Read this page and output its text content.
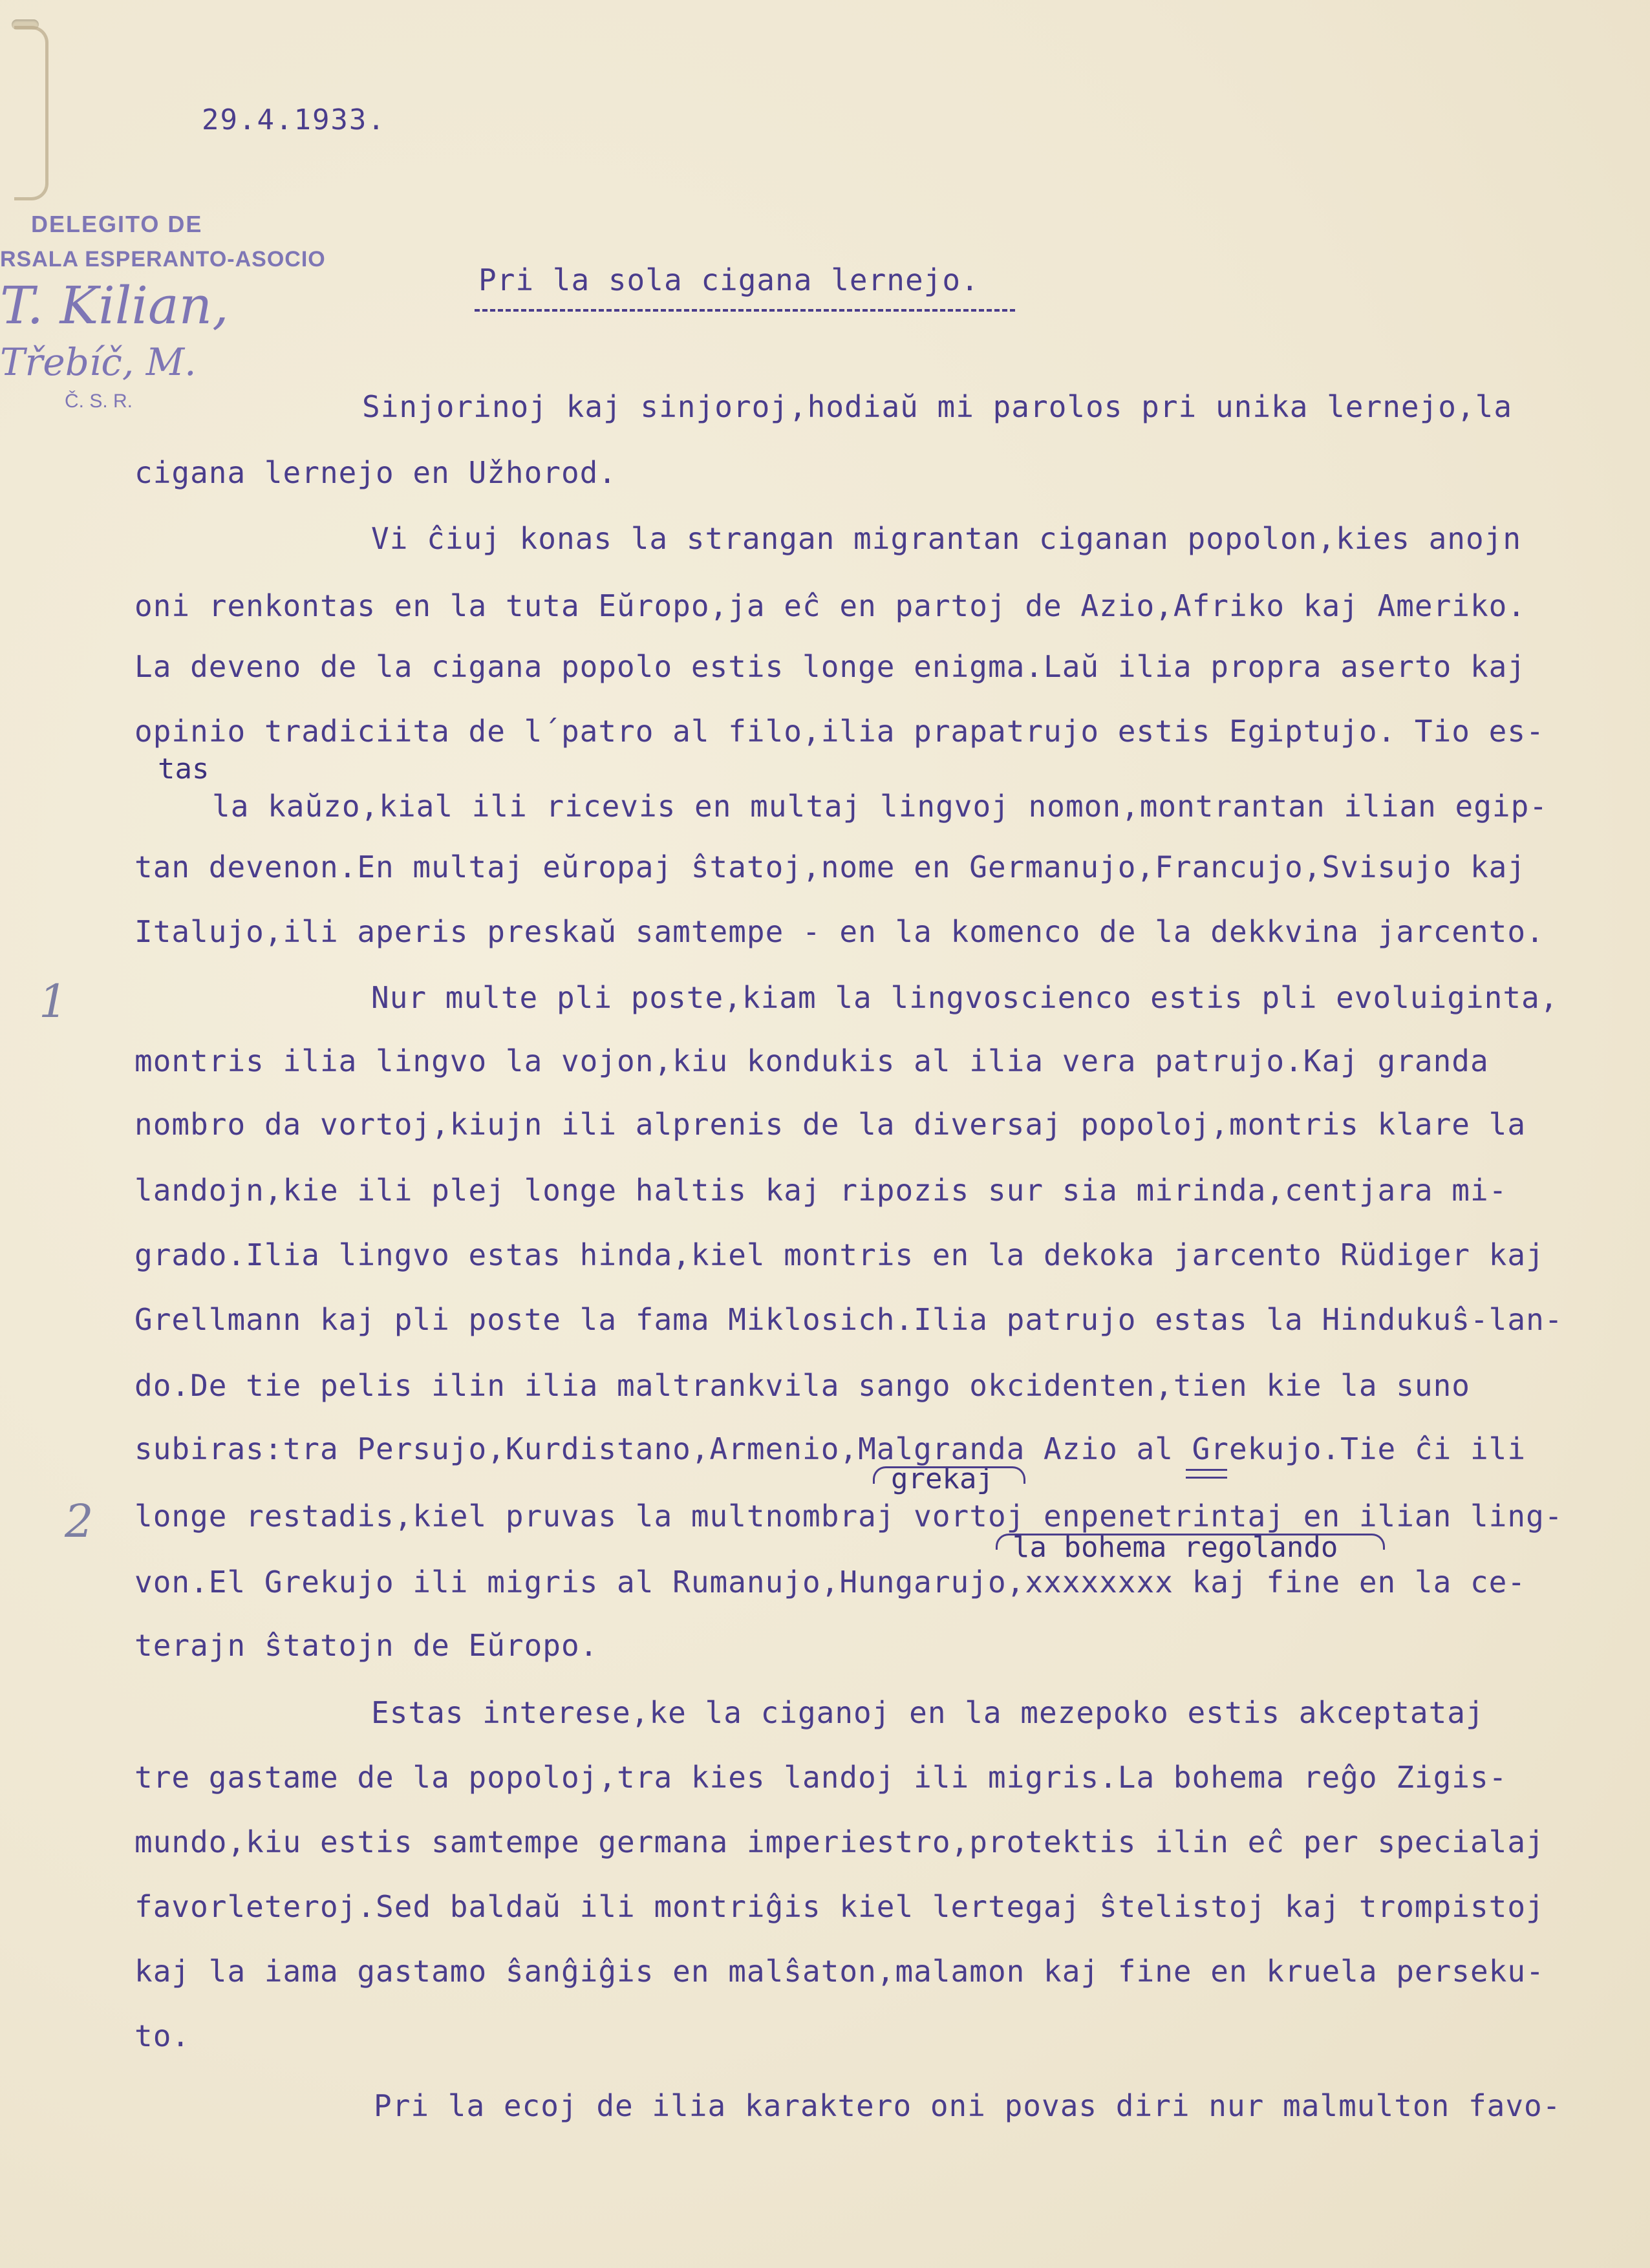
29.4.1933.
DELEGITO DE
RSALA ESPERANTO-ASOCIO
T. Kilian,
Třebíč, M.
Č. S. R.
Pri la sola cigana lernejo.
Sinjorinoj kaj sinjoroj,hodiaŭ mi parolos pri unika lernejo,la
cigana lernejo en Užhorod.
Vi ĉiuj konas la strangan migrantan ciganan popolon,kies anojn
oni renkontas en la tuta Eŭropo,ja eĉ en partoj de Azio,Afriko kaj Ameriko.
La deveno de la cigana popolo estis longe enigma.Laŭ ilia propra aserto kaj
opinio tradiciita de l´patro al filo,ilia prapatrujo estis Egiptujo. Tio es-
tas
la kaŭzo,kial ili ricevis en multaj lingvoj nomon,montrantan ilian egip-
tan devenon.En multaj eŭropaj ŝtatoj,nome en Germanujo,Francujo,Svisujo kaj
Italujo,ili aperis preskaŭ samtempe - en la komenco de la dekkvina jarcento.
1	Nur multe pli poste,kiam la lingvoscienco estis pli evoluiginta,
montris ilia lingvo la vojon,kiu kondukis al ilia vera patrujo.Kaj granda
nombro da vortoj,kiujn ili alprenis de la diversaj popoloj,montris klare la
landojn,kie ili plej longe haltis kaj ripozis sur sia mirinda,centjara mi-
grado.Ilia lingvo estas hinda,kiel montris en la dekoka jarcento Rüdiger kaj
Grellmann kaj pli poste la fama Miklosich.Ilia patrujo estas la Hindukuŝ-lan-
do.De tie pelis ilin ilia maltrankvila sango okcidenten,tien kie la suno
subiras:tra Persujo,Kurdistano,Armenio,Malgranda Azio al Grekujo.Tie ĉi ili
grekaj
2 longe restadis,kiel pruvas la multnombraj vortoj enpenetrintaj en ilian ling-
la bohema regolando
von.El Grekujo ili migris al Rumanujo,Hungarujo,xxxxxxxx kaj fine en la ce-
terajn ŝtatojn de Eŭropo.
Estas interese,ke la ciganoj en la mezepoko estis akceptataj
tre gastame de la popoloj,tra kies landoj ili migris.La bohema reĝo Zigis-
mundo,kiu estis samtempe germana imperiestro,protektis ilin eĉ per specialaj
favorleteroj.Sed baldaŭ ili montriĝis kiel lertegaj ŝtelistoj kaj trompistoj
kaj la iama gastamo ŝanĝiĝis en malŝaton,malamon kaj fine en kruela perseku-
to.
Pri la ecoj de ilia karaktero oni povas diri nur malmulton favo-
